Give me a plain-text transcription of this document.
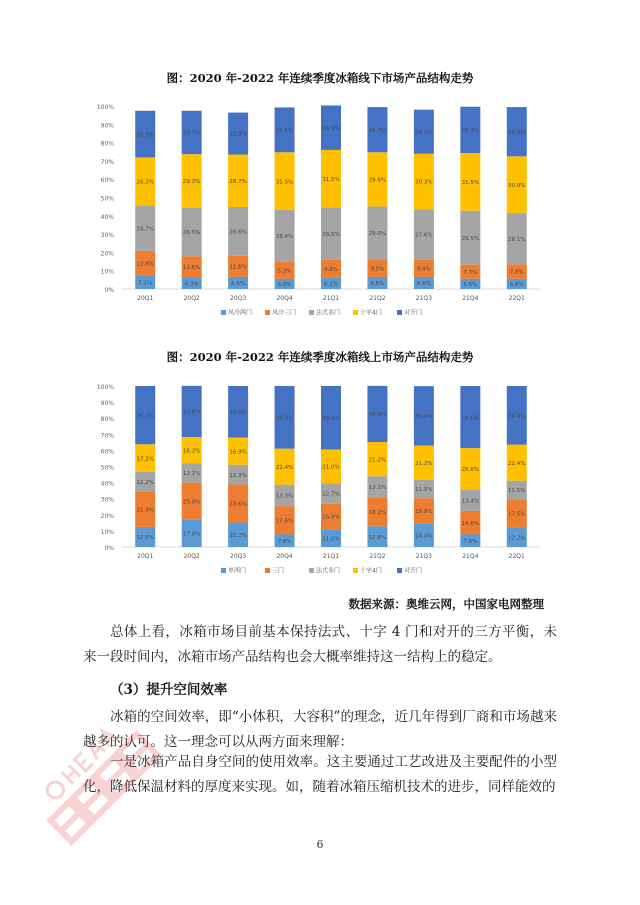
图：2020 年-2022 年连续季度冰箱线下市场产品结构走势
0%
10%
20%
30%
40%
50%
60%
70%
80%
90%
100%
7.1%
13.8%
24.7%
26.3%
25.5%
20Q1
6.3%
11.6%
26.5%
29.3%
23.7%
20Q2
6.6%
11.6%
26.6%
28.7%
22.9%
20Q3
5.5%
5.3%
28.4%
31.5%
24.5%
20Q4
6.2%
9.8%
28.5%
31.5%
24.3%
21Q1
6.6%
9.5%
29.0%
29.6%
24.7%
21Q2
6.6%
9.4%
27.6%
30.3%
24.1%
21Q3
5.6%
7.7%
29.5%
31.5%
25.3%
21Q4
5.6%
7.9%
28.1%
30.9%
26.9%
22Q1
风冷两门	风冷三门	法式多门	十字4门	对开门
图：2020 年-2022 年连续季度冰箱线上市场产品结构走势
0%
10%
20%
30%
40%
50%
60%
70%
80%
90%
100%
12.5%
21.9%
12.2%
17.2%
36.2%
20Q1
17.0%
23.0%
12.1%
16.2%
31.8%
20Q2
15.2%
23.6%
12.3%
16.9%
32.0%
20Q3
7.8%
17.6%
13.3%
22.4%
38.9%
20Q4
11.0%
15.9%
12.7%
21.0%
39.4%
21Q1
12.8%
18.1%
13.1%
21.2%
34.9%
21Q2
14.4%
15.9%
11.5%
21.2%
36.9%
21Q3
7.8%
14.6%
13.4%
25.6%
38.6%
21Q4
12.2%
17.5%
11.5%
22.4%
36.4%
22Q1
单两门	三门	法式多门	十字4门	对开门
数据来源：奥维云网，中国家电网整理

总体上看，冰箱市场目前基本保持法式、十字 4 门和对开的三方平衡，未来一段时间内，冰箱市场产品结构也会大概率维持这一结构上的稳定。

（3）提升空间效率

冰箱的空间效率，即“小体积，大容积”的理念，近几年得到厂商和市场越来越多的认可。这一理念可以从两方面来理解：

一是冰箱产品自身空间的使用效率。这主要通过工艺改进及主要配件的小型化，降低保温材料的厚度来实现。如，随着冰箱压缩机技术的进步，同样能效的

6
